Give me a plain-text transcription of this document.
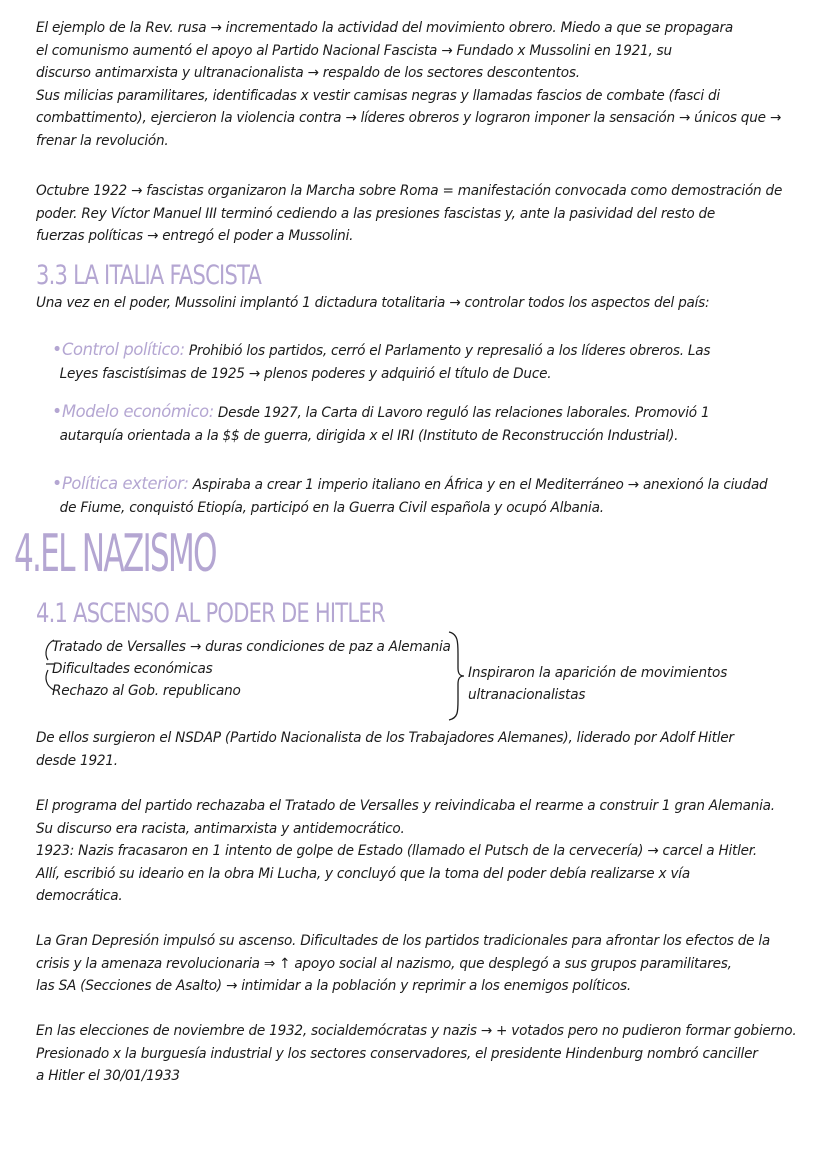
El ejemplo de la Rev. rusa → incrementado la actividad del movimiento obrero. Miedo a que se propagara
el comunismo aumentó el apoyo al Partido Nacional Fascista → Fundado x Mussolini en 1921, su
discurso antimarxista y ultranacionalista → respaldo de los sectores descontentos.
Sus milicias paramilitares, identificadas x vestir camisas negras y llamadas fascios de combate (fasci di
combattimento), ejercieron la violencia contra → líderes obreros y lograron imponer la sensación → únicos que →
frenar la revolución.
Octubre 1922 → fascistas organizaron la Marcha sobre Roma = manifestación convocada como demostración de
poder. Rey Víctor Manuel III terminó cediendo a las presiones fascistas y, ante la pasividad del resto de
fuerzas políticas → entregó el poder a Mussolini.
3.3 LA ITALIA FASCISTA
Una vez en el poder, Mussolini implantó 1 dictadura totalitaria → controlar todos los aspectos del país:
•Control político: Prohibió los partidos, cerró el Parlamento y represalió a los líderes obreros. Las
Leyes fascistísimas de 1925 → plenos poderes y adquirió el título de Duce.
•Modelo económico: Desde 1927, la Carta di Lavoro reguló las relaciones laborales. Promovió 1
autarquía orientada a la $$ de guerra, dirigida x el IRI (Instituto de Reconstrucción Industrial).
•Política exterior: Aspiraba a crear 1 imperio italiano en África y en el Mediterráneo → anexionó la ciudad
de Fiume, conquistó Etiopía, participó en la Guerra Civil española y ocupó Albania.
4.EL NAZISMO
4.1 ASCENSO AL PODER DE HITLER
Tratado de Versalles → duras condiciones de paz a Alemania
Dificultades económicas
Rechazo al Gob. republicano
Inspiraron la aparición de movimientos
ultranacionalistas
De ellos surgieron el NSDAP (Partido Nacionalista de los Trabajadores Alemanes), liderado por Adolf Hitler
desde 1921.
El programa del partido rechazaba el Tratado de Versalles y reivindicaba el rearme a construir 1 gran Alemania.
Su discurso era racista, antimarxista y antidemocrático.
1923: Nazis fracasaron en 1 intento de golpe de Estado (llamado el Putsch de la cervecería) → carcel a Hitler.
Allí, escribió su ideario en la obra Mi Lucha, y concluyó que la toma del poder debía realizarse x vía
democrática.
La Gran Depresión impulsó su ascenso. Dificultades de los partidos tradicionales para afrontar los efectos de la
crisis y la amenaza revolucionaria ⇒ ↑ apoyo social al nazismo, que desplegó a sus grupos paramilitares,
las SA (Secciones de Asalto) → intimidar a la población y reprimir a los enemigos políticos.
En las elecciones de noviembre de 1932, socialdemócratas y nazis → + votados pero no pudieron formar gobierno.
Presionado x la burguesía industrial y los sectores conservadores, el presidente Hindenburg nombró canciller
a Hitler el 30/01/1933
